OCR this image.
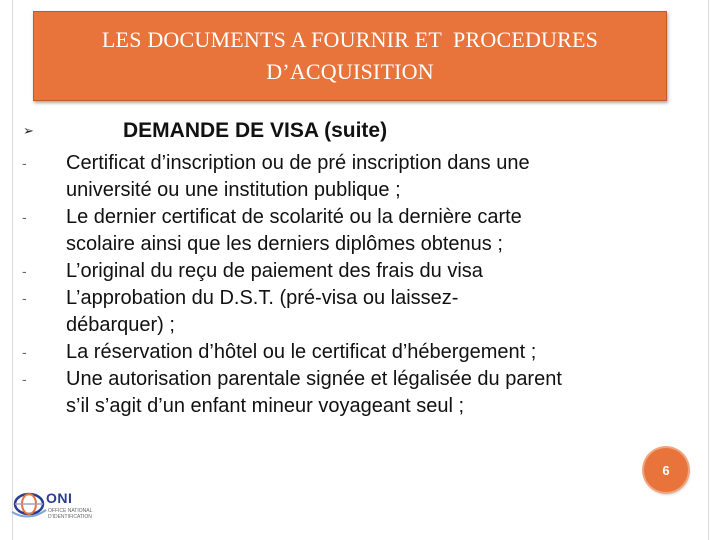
LES DOCUMENTS A FOURNIR ET  PROCEDURES
D’ACQUISITION
➢	DEMANDE DE VISA (suite)
- Certificat d’inscription ou de pré inscription dans une
université ou une institution publique ;
- Le dernier certificat de scolarité ou la dernière carte
scolaire ainsi que les derniers diplômes obtenus ;
- L’original du reçu de paiement des frais du visa
- L’approbation du D.S.T. (pré-visa ou laissez-
débarquer) ;
- La réservation d’hôtel ou le certificat d’hébergement ;
- Une autorisation parentale signée et légalisée du parent
s’il s’agit d’un enfant mineur voyageant seul ;
6
ONI
OFFICE NATIONAL
D'IDENTIFICATION
